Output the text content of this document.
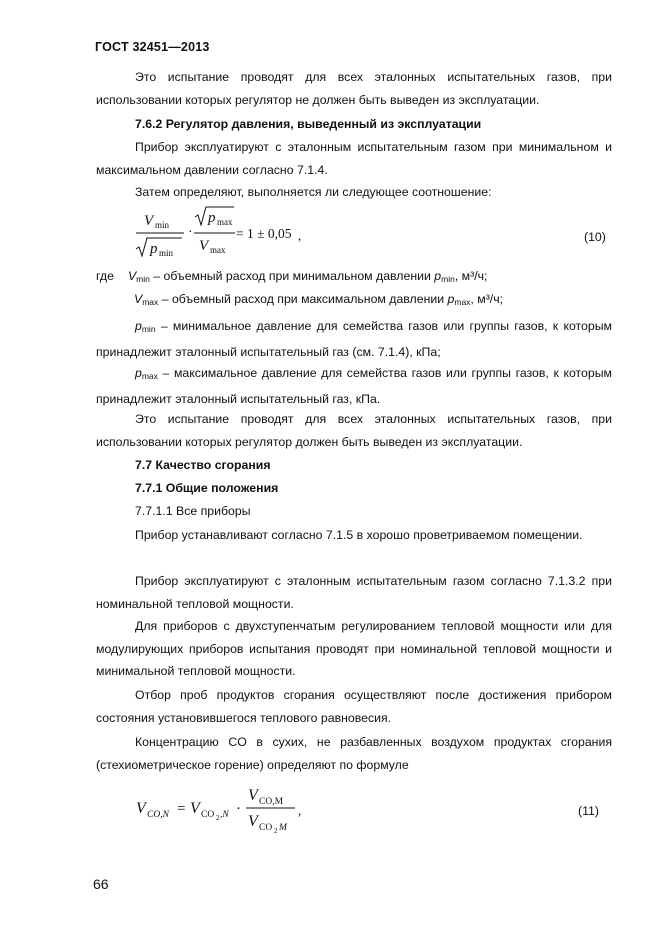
ГОСТ 32451—2013
Это испытание проводят для всех эталонных испытательных газов, при использовании которых регулятор не должен быть выведен из эксплуатации.
7.6.2 Регулятор давления, выведенный из эксплуатации
Прибор эксплуатируют с эталонным испытательным газом при минимальном и максимальном давлении согласно 7.1.4.
Затем определяют, выполняется ли следующее соотношение:
V min
p min
·
p max
V max
= 1 ± 0,05 ,	(10)
где $V_{min}$ – объемный расход при минимальном давлении $p_{min}$, м³/ч;
$V_{max}$ – объемный расход при максимальном давлении $p_{max}$, м³/ч;
$p_{min}$ – минимальное давление для семейства газов или группы газов, к которым принадлежит эталонный испытательный газ (см. 7.1.4), кПа;
$p_{max}$ – максимальное давление для семейства газов или группы газов, к которым принадлежит эталонный испытательный газ, кПа.
Это испытание проводят для всех эталонных испытательных газов, при использовании которых регулятор должен быть выведен из эксплуатации.
7.7 Качество сгорания
7.7.1 Общие положения
7.7.1.1 Все приборы
Прибор устанавливают согласно 7.1.5 в хорошо проветриваемом помещении.
Прибор эксплуатируют с эталонным испытательным газом согласно 7.1.3.2 при номинальной тепловой мощности.
Для приборов с двухступенчатым регулированием тепловой мощности или для модулирующих приборов испытания проводят при номинальной тепловой мощности и минимальной тепловой мощности.
Отбор проб продуктов сгорания осуществляют после достижения прибором состояния установившегося теплового равновесия.
Концентрацию CO в сухих, не разбавленных воздухом продуктах сгорания (стехиометрическое горение) определяют по формуле
V CO,N = V CO 2 ,N ·
V CO,M
V CO 2 M
,	(11)
66
